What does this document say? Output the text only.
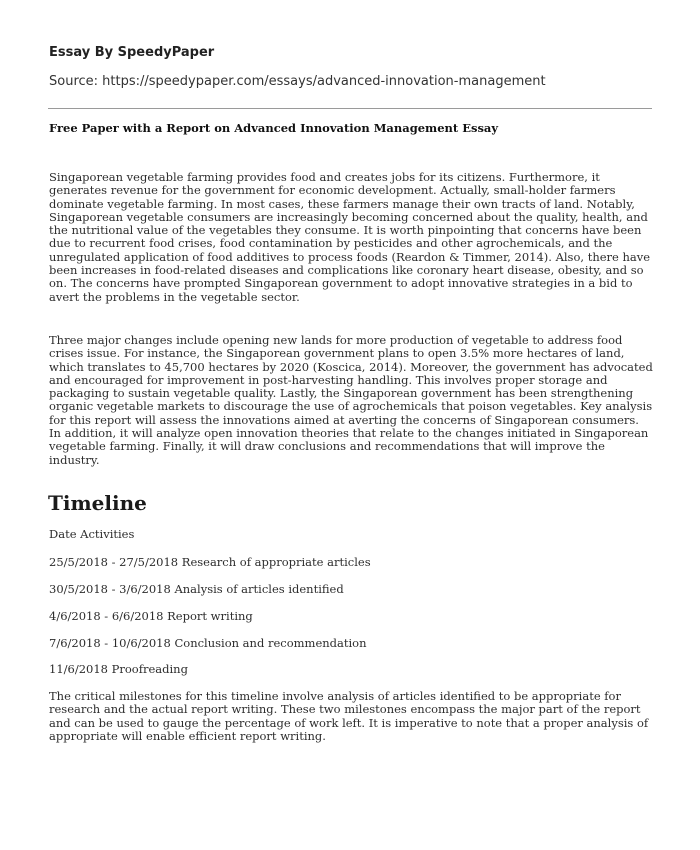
Essay By SpeedyPaper

Source: https://speedypaper.com/essays/advanced-innovation-management

Free Paper with a Report on Advanced Innovation Management Essay

Singaporean vegetable farming provides food and creates jobs for its citizens. Furthermore, it generates revenue for the government for economic development. Actually, small-holder farmers dominate vegetable farming. In most cases, these farmers manage their own tracts of land. Notably, Singaporean vegetable consumers are increasingly becoming concerned about the quality, health, and the nutritional value of the vegetables they consume. It is worth pinpointing that concerns have been due to recurrent food crises, food contamination by pesticides and other agrochemicals, and the unregulated application of food additives to process foods (Reardon & Timmer, 2014). Also, there have been increases in food-related diseases and complications like coronary heart disease, obesity, and so on. The concerns have prompted Singaporean government to adopt innovative strategies in a bid to avert the problems in the vegetable sector.

Three major changes include opening new lands for more production of vegetable to address food crises issue. For instance, the Singaporean government plans to open 3.5% more hectares of land, which translates to 45,700 hectares by 2020 (Koscica, 2014). Moreover, the government has advocated and encouraged for improvement in post-harvesting handling. This involves proper storage and packaging to sustain vegetable quality. Lastly, the Singaporean government has been strengthening organic vegetable markets to discourage the use of agrochemicals that poison vegetables. Key analysis for this report will assess the innovations aimed at averting the concerns of Singaporean consumers. In addition, it will analyze open innovation theories that relate to the changes initiated in Singaporean vegetable farming. Finally, it will draw conclusions and recommendations that will improve the industry.

Timeline

Date Activities

25/5/2018 - 27/5/2018 Research of appropriate articles

30/5/2018 - 3/6/2018 Analysis of articles identified

4/6/2018 - 6/6/2018 Report writing

7/6/2018 - 10/6/2018 Conclusion and recommendation

11/6/2018 Proofreading

The critical milestones for this timeline involve analysis of articles identified to be appropriate for research and the actual report writing. These two milestones encompass the major part of the report and can be used to gauge the percentage of work left. It is imperative to note that a proper analysis of appropriate will enable efficient report writing.
